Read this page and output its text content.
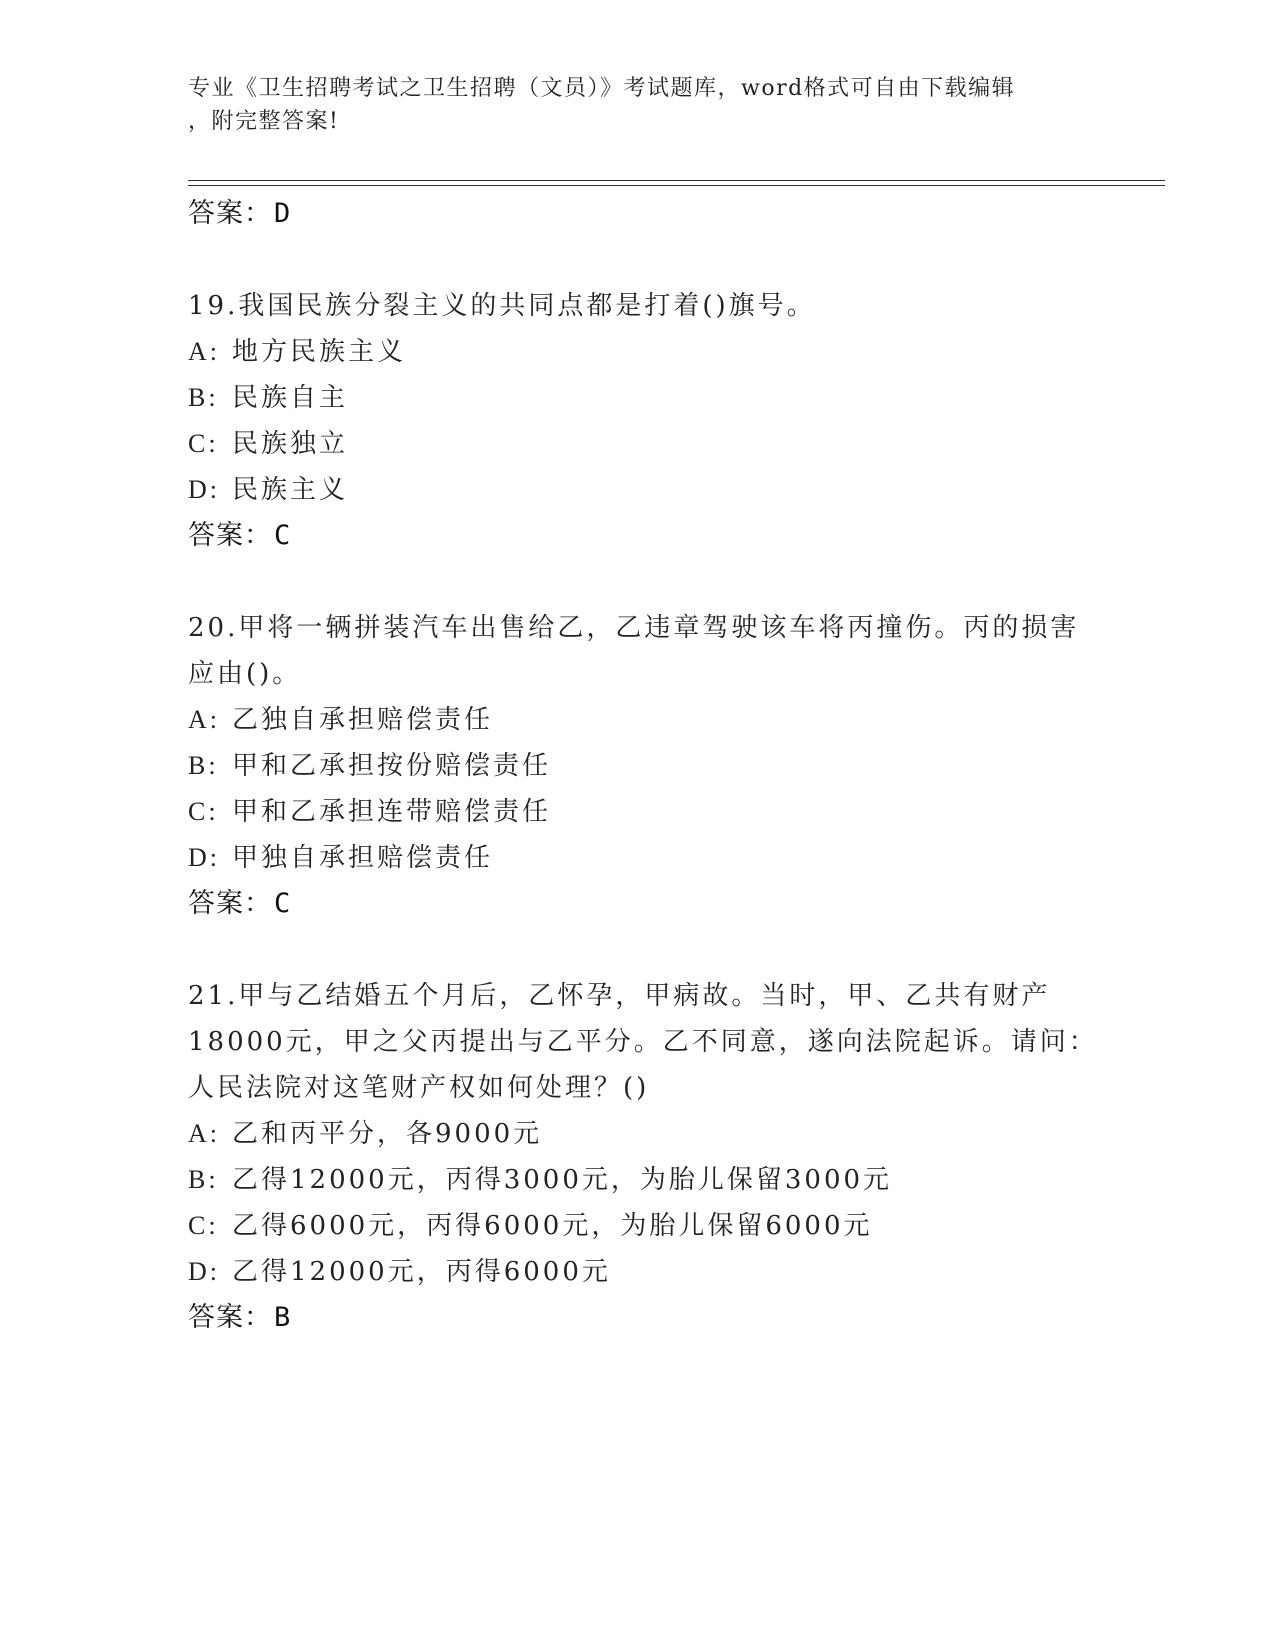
专业《卫生招聘考试之卫生招聘（文员）》考试题库，word格式可自由下载编辑
，附完整答案!
答案：D
19.我国民族分裂主义的共同点都是打着()旗号。
A: 地方民族主义
B: 民族自主
C: 民族独立
D: 民族主义
答案：C
20.甲将一辆拼装汽车出售给乙，乙违章驾驶该车将丙撞伤。丙的损害
应由()。
A: 乙独自承担赔偿责任
B: 甲和乙承担按份赔偿责任
C: 甲和乙承担连带赔偿责任
D: 甲独自承担赔偿责任
答案：C
21.甲与乙结婚五个月后，乙怀孕，甲病故。当时，甲、乙共有财产
18000元，甲之父丙提出与乙平分。乙不同意，遂向法院起诉。请问：
人民法院对这笔财产权如何处理？()
A: 乙和丙平分，各9000元
B: 乙得12000元，丙得3000元，为胎儿保留3000元
C: 乙得6000元，丙得6000元，为胎儿保留6000元
D: 乙得12000元，丙得6000元
答案：B
